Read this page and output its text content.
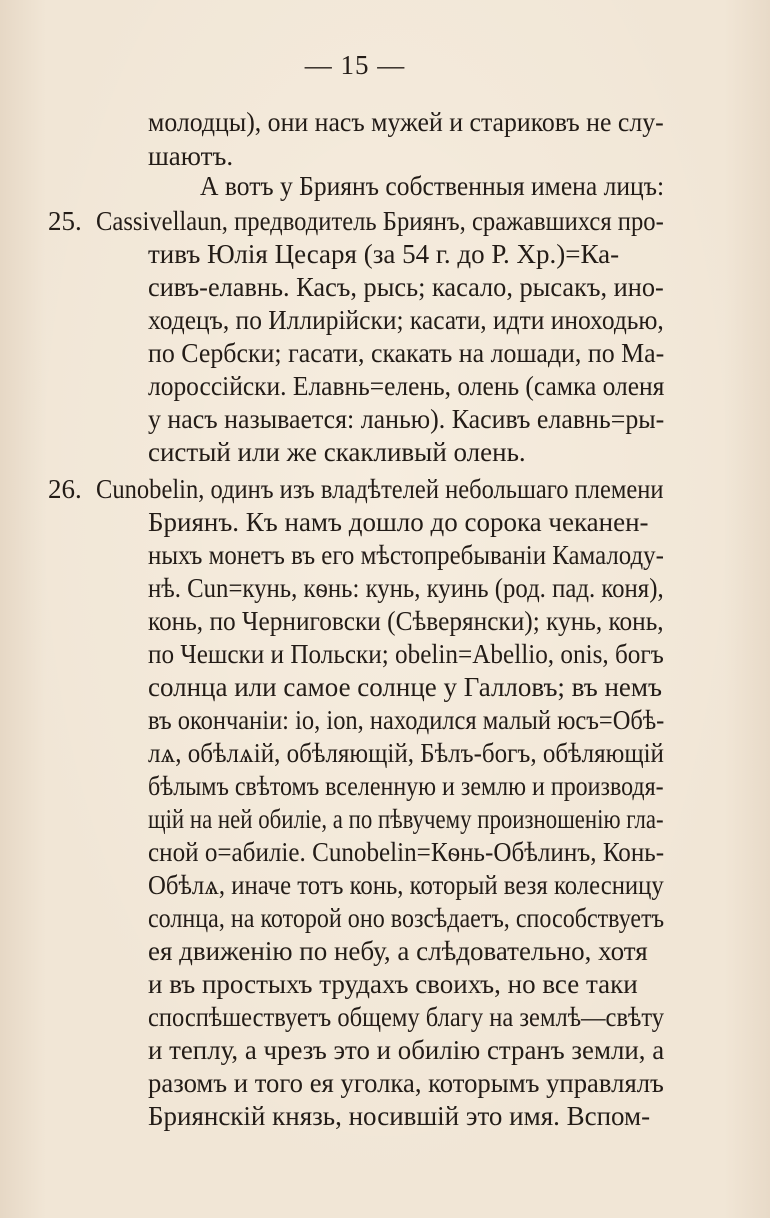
— 15 —
молодцы), они насъ мужей и стариковъ не слу-
шаютъ.
А вотъ у Бриянъ собственныя имена лицъ:
25. Cassivellaun, предводитель Бриянъ, сражавшихся про-
тивъ Юлія Цесаря (за 54 г. до Р. Хр.)=Ка-
сивъ-елавнь. Касъ, рысь; касало, рысакъ, ино-
ходецъ, по Иллирійски; касати, идти иноходью,
по Сербски; гасати, скакать на лошади, по Ма-
лороссійски. Елавнь=елень, олень (самка оленя
у насъ называется: ланью). Касивъ елавнь=ры-
систый или же скакливый олень.
26. Cunobelin, одинъ изъ владѣтелей небольшаго племени
Бриянъ. Къ намъ дошло до сорока чеканен-
ныхъ монетъ въ его мѣстопребываніи Камалоду-
нѣ. Cun=кунь, кѳнь: кунь, куинь (род. пад. коня),
конь, по Черниговски (Сѣверянски); кунь, конь,
по Чешски и Польски; obelin=Abellio, onis, богъ
солнца или самое солнце у Галловъ; въ немъ
въ окончаніи: io, ion, находился малый юсъ=Обѣ-
лѧ, обѣлѧій, обѣляющій, Бѣлъ-богъ, обѣляющій
бѣлымъ свѣтомъ вселенную и землю и производя-
щій на ней обиліе, а по пѣвучему произношенію гла-
сной о=абиліе. Cunobelin=Кѳнь-Обѣлинъ, Конь-
Обѣлѧ, иначе тотъ конь, который везя колесницу
солнца, на которой оно возсѣдаетъ, способствуетъ
ея движенію по небу, а слѣдовательно, хотя
и въ простыхъ трудахъ своихъ, но все таки
споспѣшествуетъ общему благу на землѣ—свѣту
и теплу, а чрезъ это и обилію странъ земли, а
разомъ и того ея уголка, которымъ управлялъ
Бриянскій князь, носившій это имя. Вспом-
